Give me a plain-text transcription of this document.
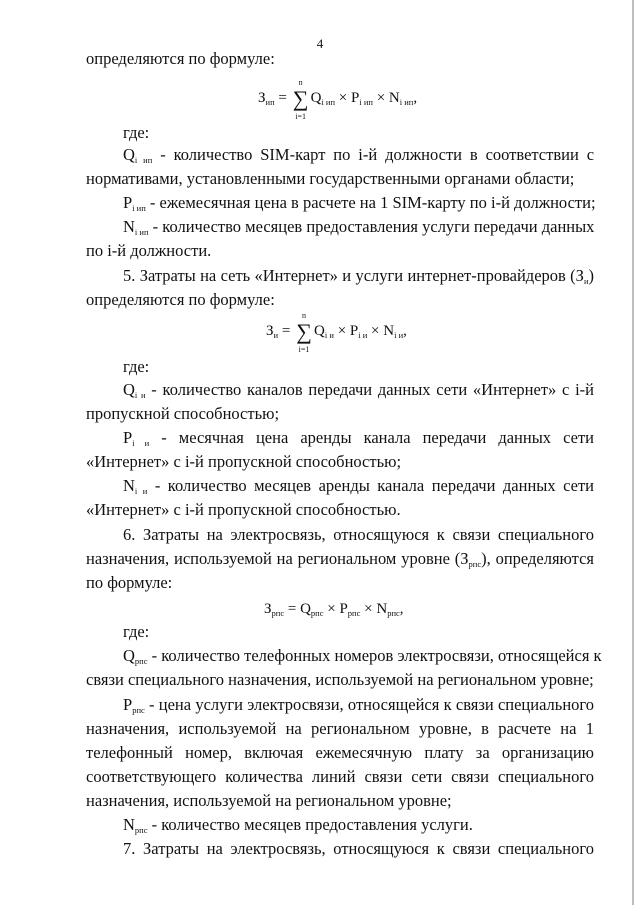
4
определяются по формуле:
$З_{ип}$ =
n
∑
i=1
$Q_{i ип} \times P_{i ип} \times N_{i ип}$,
где:
$Q_{i ип}$ - количество SIM-карт по i-й должности в соответствии с
нормативами, установленными государственными органами области;
$P_{i ип}$ - ежемесячная цена в расчете на 1 SIM-карту по i-й должности;
$N_{i ип}$ - количество месяцев предоставления услуги передачи данных
по i-й должности.
5. Затраты на сеть «Интернет» и услуги интернет-провайдеров $(З_и)$
определяются по формуле:
$З_и$ =
n
∑
i=1
$Q_{i и} \times P_{i и} \times N_{i и}$,
где:
$Q_{i и}$ - количество каналов передачи данных сети «Интернет» с i-й
пропускной способностью;
$P_{i и}$ - месячная цена аренды канала передачи данных сети
«Интернет» с i-й пропускной способностью;
$N_{i и}$ - количество месяцев аренды канала передачи данных сети
«Интернет» с i-й пропускной способностью.
6. Затраты на электросвязь, относящуюся к связи специального
назначения, используемой на региональном уровне $(З_{рпс})$, определяются
по формуле:
$З_{рпс} = Q_{рпс} \times P_{рпс} \times N_{рпс}$,
где:
$Q_{рпс}$ - количество телефонных номеров электросвязи, относящейся к
связи специального назначения, используемой на региональном уровне;
$P_{рпс}$ - цена услуги электросвязи, относящейся к связи специального
назначения, используемой на региональном уровне, в расчете на 1
телефонный номер, включая ежемесячную плату за организацию
соответствующего количества линий связи сети связи специального
назначения, используемой на региональном уровне;
$N_{рпс}$ - количество месяцев предоставления услуги.
7. Затраты на электросвязь, относящуюся к связи специального
